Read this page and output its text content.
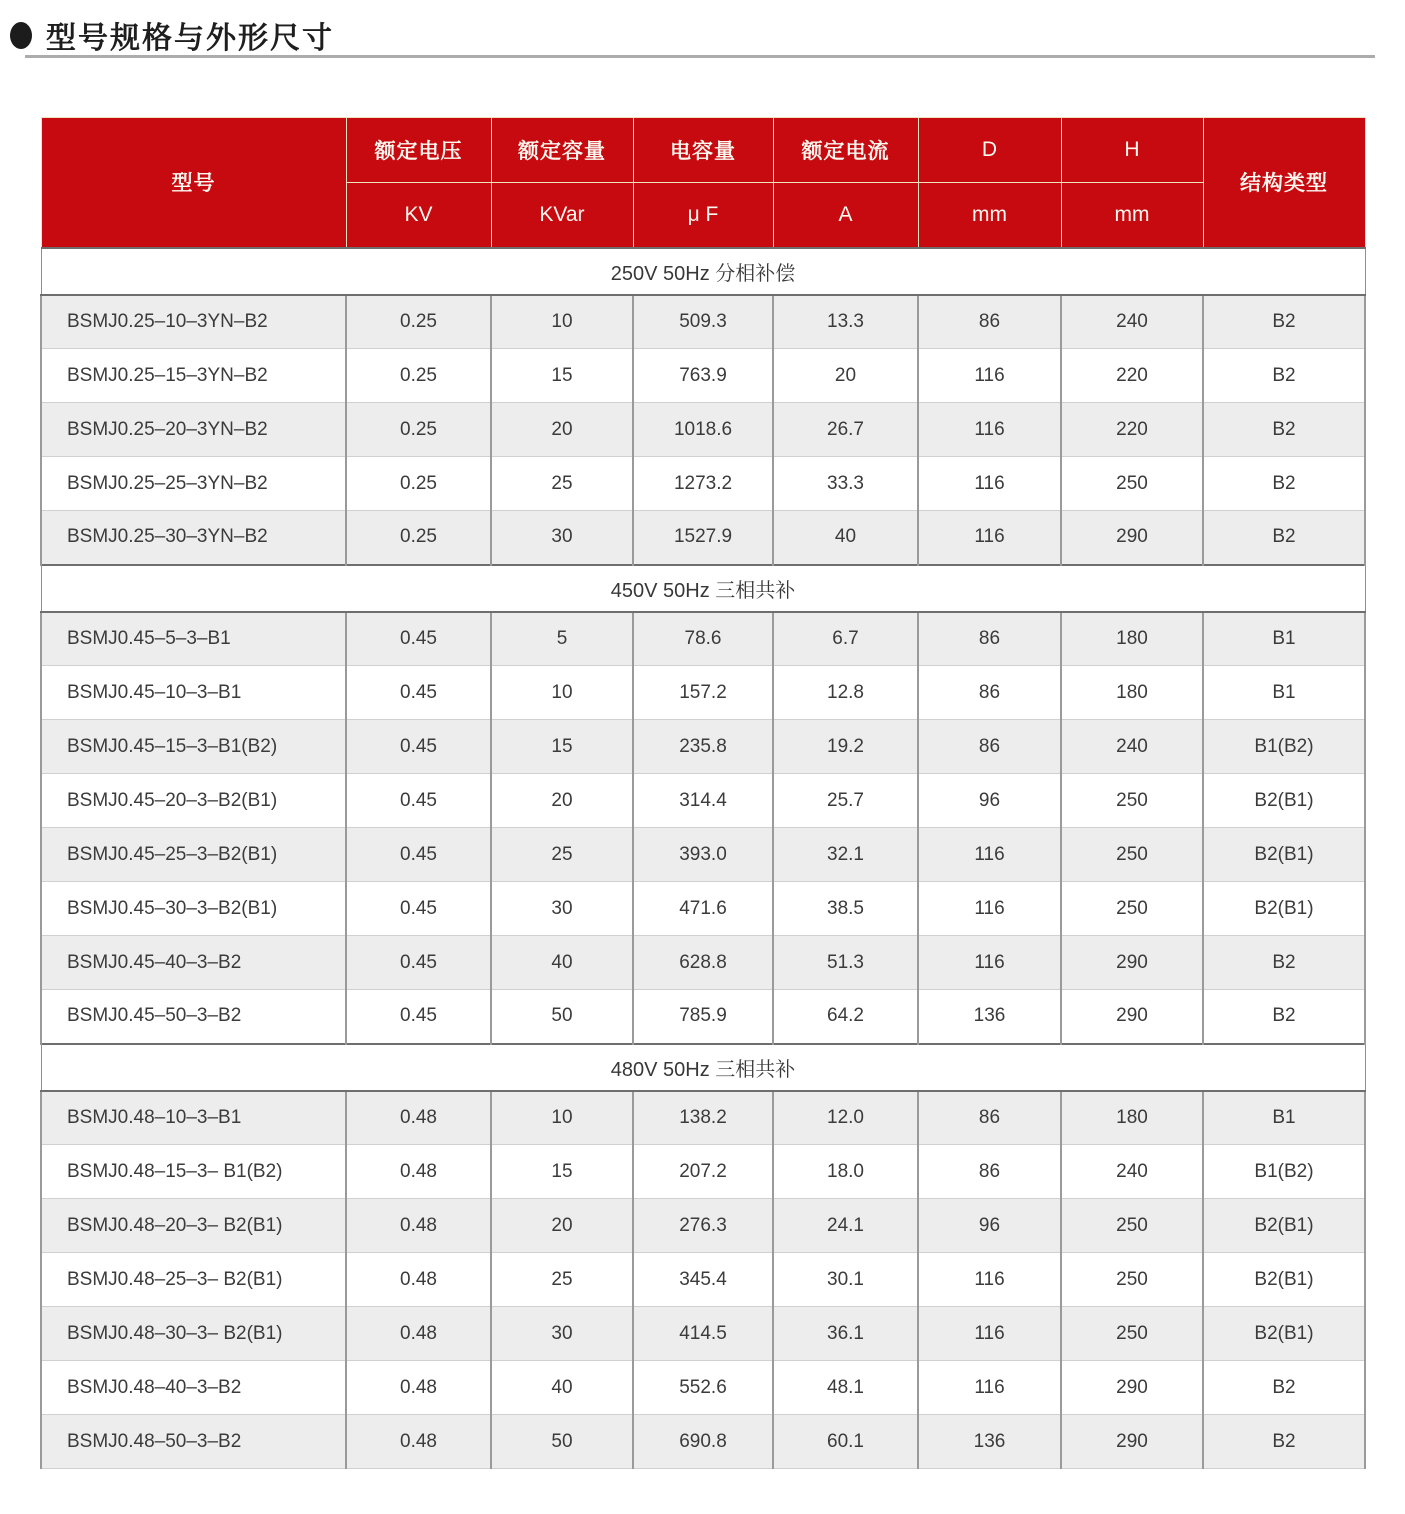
型号规格与外形尺寸
型号	额定电压	额定容量	电容量	额定电流	D	H	结构类型
	KV	KVar	μ F	A	mm	mm	
250V 50Hz 分相补偿							
BSMJ0.25–10–3YN–B2	0.25	10	509.3	13.3	86	240	B2
BSMJ0.25–15–3YN–B2	0.25	15	763.9	20	116	220	B2
BSMJ0.25–20–3YN–B2	0.25	20	1018.6	26.7	116	220	B2
BSMJ0.25–25–3YN–B2	0.25	25	1273.2	33.3	116	250	B2
BSMJ0.25–30–3YN–B2	0.25	30	1527.9	40	116	290	B2
450V 50Hz 三相共补							
BSMJ0.45–5–3–B1	0.45	5	78.6	6.7	86	180	B1
BSMJ0.45–10–3–B1	0.45	10	157.2	12.8	86	180	B1
BSMJ0.45–15–3–B1(B2)	0.45	15	235.8	19.2	86	240	B1(B2)
BSMJ0.45–20–3–B2(B1)	0.45	20	314.4	25.7	96	250	B2(B1)
BSMJ0.45–25–3–B2(B1)	0.45	25	393.0	32.1	116	250	B2(B1)
BSMJ0.45–30–3–B2(B1)	0.45	30	471.6	38.5	116	250	B2(B1)
BSMJ0.45–40–3–B2	0.45	40	628.8	51.3	116	290	B2
BSMJ0.45–50–3–B2	0.45	50	785.9	64.2	136	290	B2
480V 50Hz 三相共补							
BSMJ0.48–10–3–B1	0.48	10	138.2	12.0	86	180	B1
BSMJ0.48–15–3– B1(B2)	0.48	15	207.2	18.0	86	240	B1(B2)
BSMJ0.48–20–3– B2(B1)	0.48	20	276.3	24.1	96	250	B2(B1)
BSMJ0.48–25–3– B2(B1)	0.48	25	345.4	30.1	116	250	B2(B1)
BSMJ0.48–30–3– B2(B1)	0.48	30	414.5	36.1	116	250	B2(B1)
BSMJ0.48–40–3–B2	0.48	40	552.6	48.1	116	290	B2
BSMJ0.48–50–3–B2	0.48	50	690.8	60.1	136	290	B2
